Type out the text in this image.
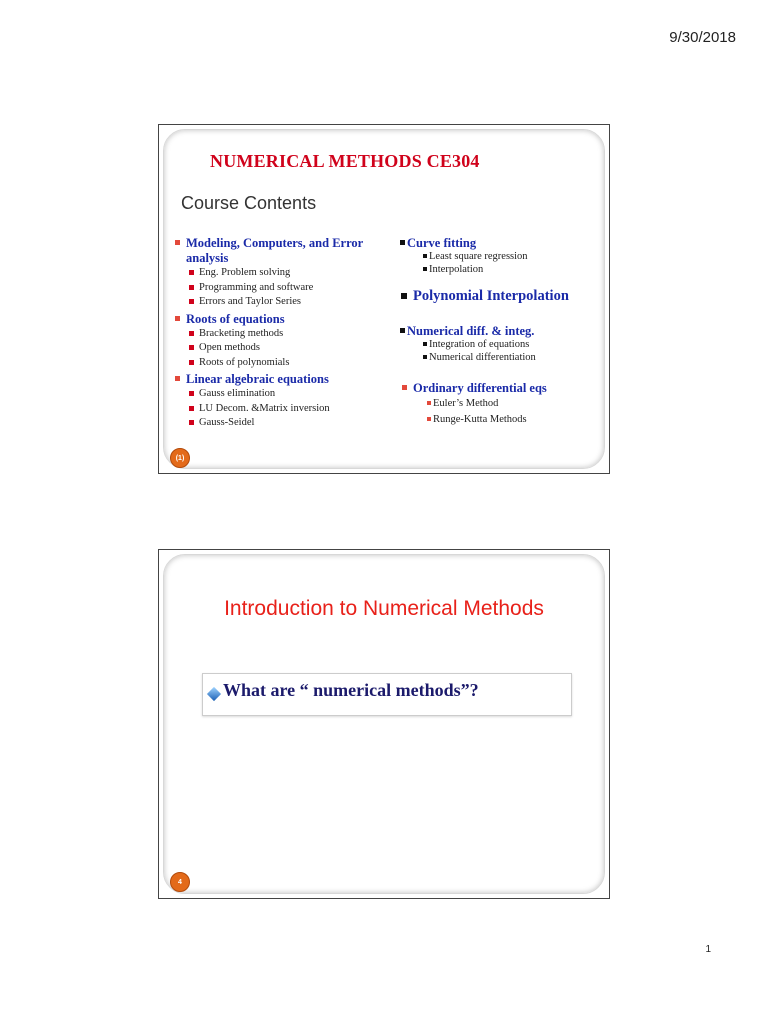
9/30/2018
NUMERICAL METHODS CE304
Course Contents
Modeling, Computers, and Error analysis
Eng. Problem solving
Programming and software
Errors and Taylor Series
Roots of equations
Bracketing methods
Open methods
Roots of polynomials
Linear algebraic equations
Gauss elimination
LU Decom. &Matrix inversion
Gauss-Seidel
Curve fitting
Least square regression
Interpolation
Polynomial Interpolation
Numerical diff. & integ.
Integration of equations
Numerical differentiation
Ordinary differential eqs
Euler’s Method
Runge-Kutta Methods
(1)
Introduction to Numerical Methods
What are “ numerical methods”?
4
1
